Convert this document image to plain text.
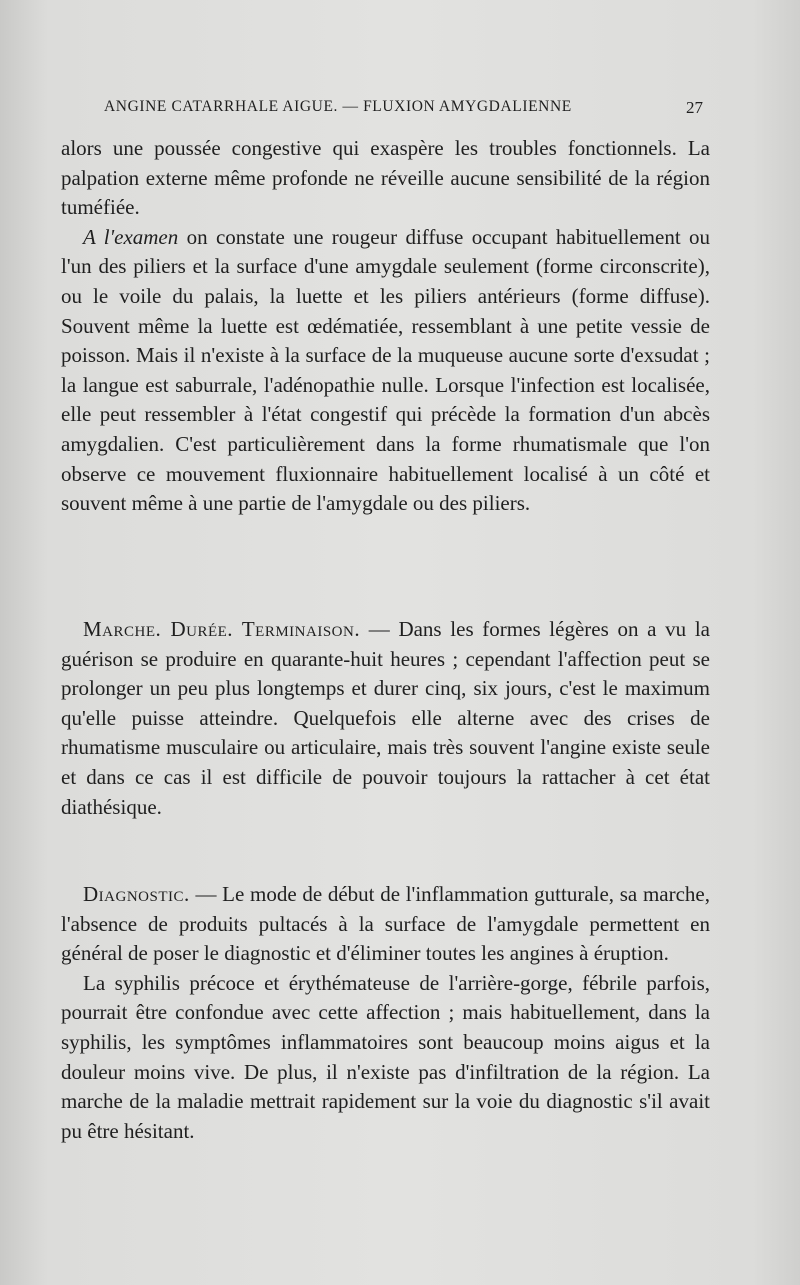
ANGINE CATARRHALE AIGUE. — FLUXION AMYGDALIENNE	27

alors une poussée congestive qui exaspère les troubles fonctionnels. La palpation externe même profonde ne réveille aucune sensibilité de la région tuméfiée.

A l'examen on constate une rougeur diffuse occupant habituellement ou l'un des piliers et la surface d'une amygdale seulement (forme circonscrite), ou le voile du palais, la luette et les piliers antérieurs (forme diffuse). Souvent même la luette est œdématiée, ressemblant à une petite vessie de poisson. Mais il n'existe à la surface de la muqueuse aucune sorte d'exsudat ; la langue est saburrale, l'adénopathie nulle. Lorsque l'infection est localisée, elle peut ressembler à l'état congestif qui précède la formation d'un abcès amygdalien. C'est particulièrement dans la forme rhumatismale que l'on observe ce mouvement fluxionnaire habituellement localisé à un côté et souvent même à une partie de l'amygdale ou des piliers.

Marche. Durée. Terminaison. — Dans les formes légères on a vu la guérison se produire en quarante-huit heures ; cependant l'affection peut se prolonger un peu plus longtemps et durer cinq, six jours, c'est le maximum qu'elle puisse atteindre. Quelquefois elle alterne avec des crises de rhumatisme musculaire ou articulaire, mais très souvent l'angine existe seule et dans ce cas il est difficile de pouvoir toujours la rattacher à cet état diathésique.

Diagnostic. — Le mode de début de l'inflammation gutturale, sa marche, l'absence de produits pultacés à la surface de l'amygdale permettent en général de poser le diagnostic et d'éliminer toutes les angines à éruption.

La syphilis précoce et érythémateuse de l'arrière-gorge, fébrile parfois, pourrait être confondue avec cette affection ; mais habituellement, dans la syphilis, les symptômes inflammatoires sont beaucoup moins aigus et la douleur moins vive. De plus, il n'existe pas d'infiltration de la région. La marche de la maladie mettrait rapidement sur la voie du diagnostic s'il avait pu être hésitant.
